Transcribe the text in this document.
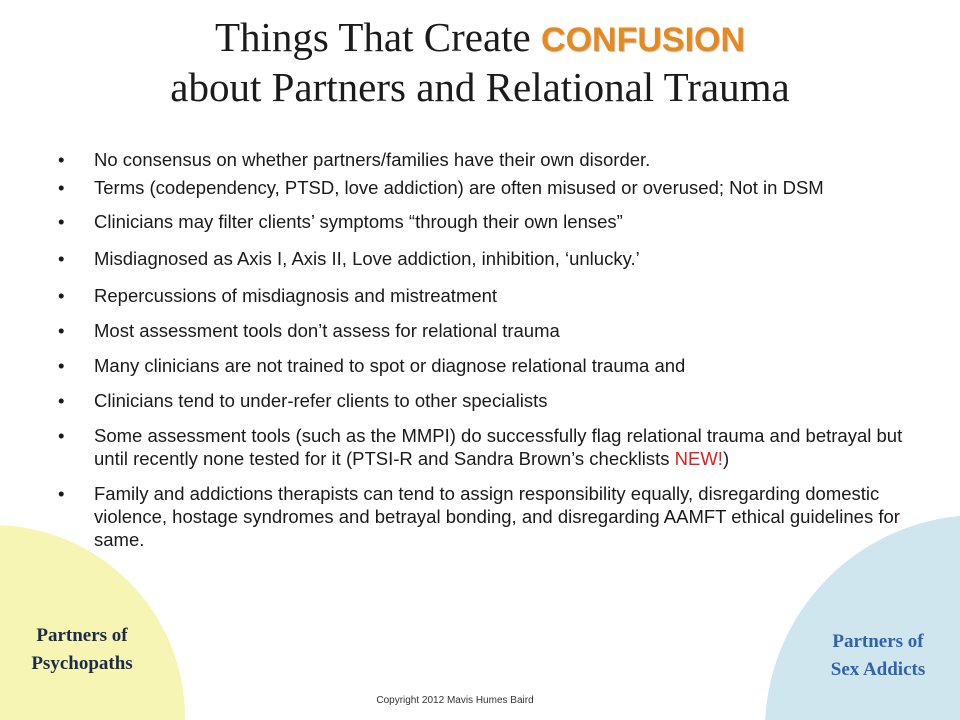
Things That Create CONFUSION
about Partners and Relational Trauma
• No consensus on whether partners/families have their own disorder.
• Terms (codependency, PTSD, love addiction) are often misused or overused; Not in DSM
• Clinicians may filter clients’ symptoms “through their own lenses”
• Misdiagnosed as Axis I, Axis II, Love addiction, inhibition, ‘unlucky.’
• Repercussions of misdiagnosis and mistreatment
• Most assessment tools don’t assess for relational trauma
• Many clinicians are not trained to spot or diagnose relational trauma and
• Clinicians tend to under-refer clients to other specialists
• Some assessment tools (such as the MMPI) do successfully flag relational trauma and betrayal but until recently none tested for it (PTSI-R and Sandra Brown’s checklists NEW!)
• Family and addictions therapists can tend to assign responsibility equally, disregarding domestic violence, hostage syndromes and betrayal bonding, and disregarding AAMFT ethical guidelines for same.
Partners of
Psychopaths
Partners of
Sex Addicts
Copyright 2012 Mavis Humes Baird
